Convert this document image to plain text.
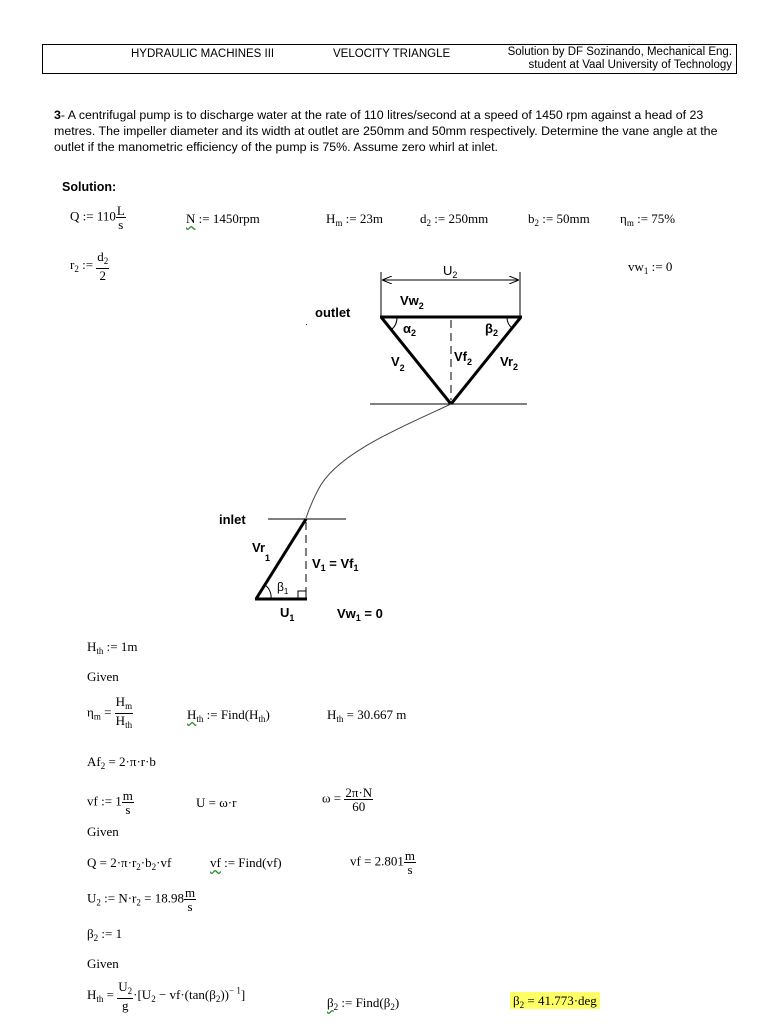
HYDRAULIC MACHINES III	VELOCITY TRIANGLE	Solution by DF Sozinando, Mechanical Eng.
student at Vaal University of Technology
3- A centrifugal pump is to discharge water at the rate of 110 litres/second at a speed of 1450 rpm against a head of 23 metres. The impeller diameter and its width at outlet are 250mm and 50mm respectively. Determine the vane angle at the outlet if the manometric efficiency of the pump is 75%. Assume zero whirl at inlet.
Solution:
Q := $110 \frac{L}{s}$	N := 1450rpm	$H_m$ := 23m	$d_2$ := 250mm	$b_2$ := 50mm $\eta_m$ := 75%
$r_2$ := $\frac{d_2}{2}$	$vw_1$ := 0
$U_2$
outlet
·
$Vw_2$
$\alpha_2$	$\beta_2$
$Vf_2$
$V_2$	$Vr_2$
inlet
$Vr_1$	$V_1 = Vf_1$
$\beta_1$
$U_1$	$Vw_1 = 0$
$H_{th}$ := 1m
Given
$\eta_m = \frac{H_m}{H_{th}}$	$H_{th}$ := $Find(H_{th})$	$H_{th} = 30.667$ m
$Af_2 = 2\cdot\pi\cdot r\cdot b$
vf := $1 \frac{m}{s}$	U = ω·r	$\omega = \frac{2\pi\cdot N}{60}$
Given
$Q = 2\cdot\pi\cdot r_2\cdot b_2\cdot vf$	vf := Find(vf)	vf = $2.801 \frac{m}{s}$
$U_2$ := $N\cdot r_2 = 18.98 \frac{m}{s}$
$\beta_2$ := 1
Given
$H_{th} = \frac{U_2}{g} \cdot[U_2 - vf\cdot(\tan(\beta_2))^{- 1}]$
$\beta_2$ := $Find(\beta_2)$	$\beta_2 = 41.773\cdot deg$
